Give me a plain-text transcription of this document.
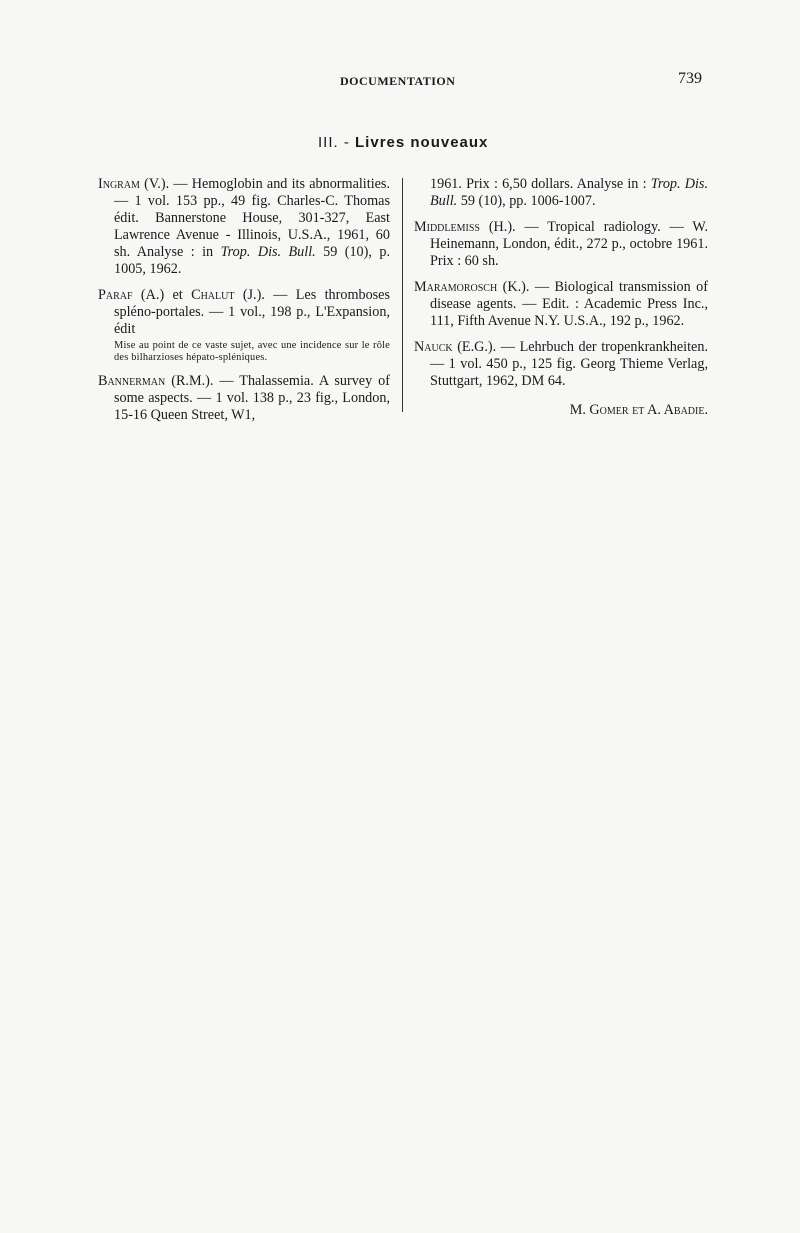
DOCUMENTATION	739
III. - Livres nouveaux

Ingram (V.). — Hemoglobin and its abnormalities. — 1 vol. 153 pp., 49 fig. Charles-C. Thomas édit. Bannerstone House, 301-327, East Lawrence Avenue - Illinois, U.S.A., 1961, 60 sh. Analyse : in Trop. Dis. Bull. 59 (10), p. 1005, 1962.

Paraf (A.) et Chalut (J.). — Les thromboses spléno-portales. — 1 vol., 198 p., L'Expansion, édit

Mise au point de ce vaste sujet, avec une incidence sur le rôle des bilharzioses hépato-spléniques.

Bannerman (R.M.). — Thalassemia. A survey of some aspects. — 1 vol. 138 p., 23 fig., London, 15-16 Queen Street, W1,

1961. Prix : 6,50 dollars. Analyse in : Trop. Dis. Bull. 59 (10), pp. 1006-1007.

Middlemiss (H.). — Tropical radiology. — W. Heinemann, London, édit., 272 p., octobre 1961. Prix : 60 sh.

Maramorosch (K.). — Biological transmission of disease agents. — Edit. : Academic Press Inc., 111, Fifth Avenue N.Y. U.S.A., 192 p., 1962.

Nauck (E.G.). — Lehrbuch der tropenkrankheiten. — 1 vol. 450 p., 125 fig. Georg Thieme Verlag, Stuttgart, 1962, DM 64.

M. Gomer et A. Abadie.
